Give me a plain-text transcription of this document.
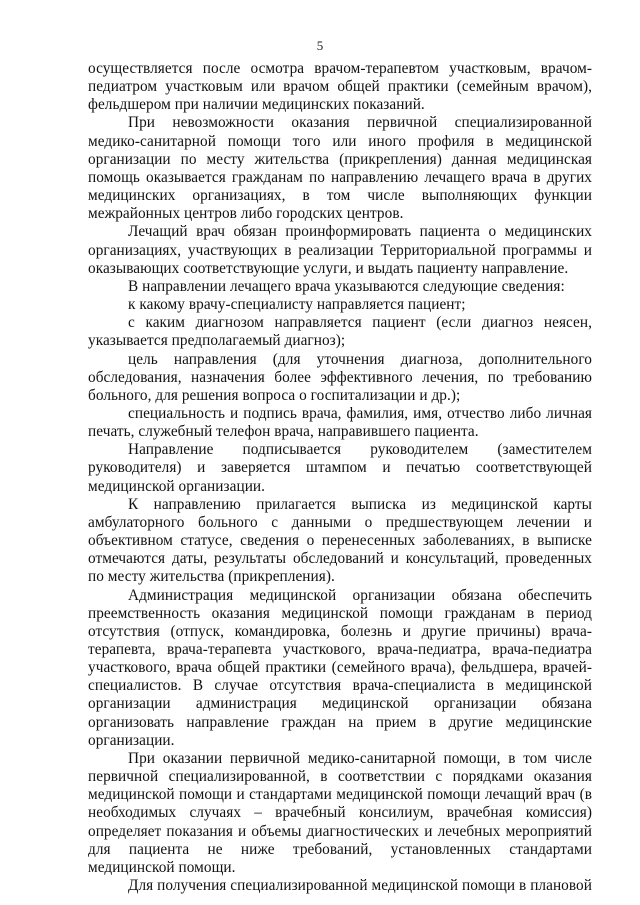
5

осуществляется после осмотра врачом-терапевтом участковым, врачом-педиатром участковым или врачом общей практики (семейным врачом), фельдшером при наличии медицинских показаний.

При невозможности оказания первичной специализированной медико-санитарной помощи того или иного профиля в медицинской организации по месту жительства (прикрепления) данная медицинская помощь оказывается гражданам по направлению лечащего врача в других медицинских организациях, в том числе выполняющих функции межрайонных центров либо городских центров.

Лечащий врач обязан проинформировать пациента о медицинских организациях, участвующих в реализации Территориальной программы и оказывающих соответствующие услуги, и выдать пациенту направление.

В направлении лечащего врача указываются следующие сведения:

к какому врачу-специалисту направляется пациент;

с каким диагнозом направляется пациент (если диагноз неясен, указывается предполагаемый диагноз);

цель направления (для уточнения диагноза, дополнительного обследования, назначения более эффективного лечения, по требованию больного, для решения вопроса о госпитализации и др.);

специальность и подпись врача, фамилия, имя, отчество либо личная печать, служебный телефон врача, направившего пациента.

Направление подписывается руководителем (заместителем руководителя) и заверяется штампом и печатью соответствующей медицинской организации.

К направлению прилагается выписка из медицинской карты амбулаторного больного с данными о предшествующем лечении и объективном статусе, сведения о перенесенных заболеваниях, в выписке отмечаются даты, результаты обследований и консультаций, проведенных по месту жительства (прикрепления).

Администрация медицинской организации обязана обеспечить преемственность оказания медицинской помощи гражданам в период отсутствия (отпуск, командировка, болезнь и другие причины) врача-терапевта, врача-терапевта участкового, врача-педиатра, врача-педиатра участкового, врача общей практики (семейного врача), фельдшера, врачей-специалистов. В случае отсутствия врача-специалиста в медицинской организации администрация медицинской организации обязана организовать направление граждан на прием в другие медицинские организации.

При оказании первичной медико-санитарной помощи, в том числе первичной специализированной, в соответствии с порядками оказания медицинской помощи и стандартами медицинской помощи лечащий врач (в необходимых случаях – врачебный консилиум, врачебная комиссия) определяет показания и объемы диагностических и лечебных мероприятий для пациента не ниже требований, установленных стандартами медицинской помощи.

Для получения специализированной медицинской помощи в плановой
